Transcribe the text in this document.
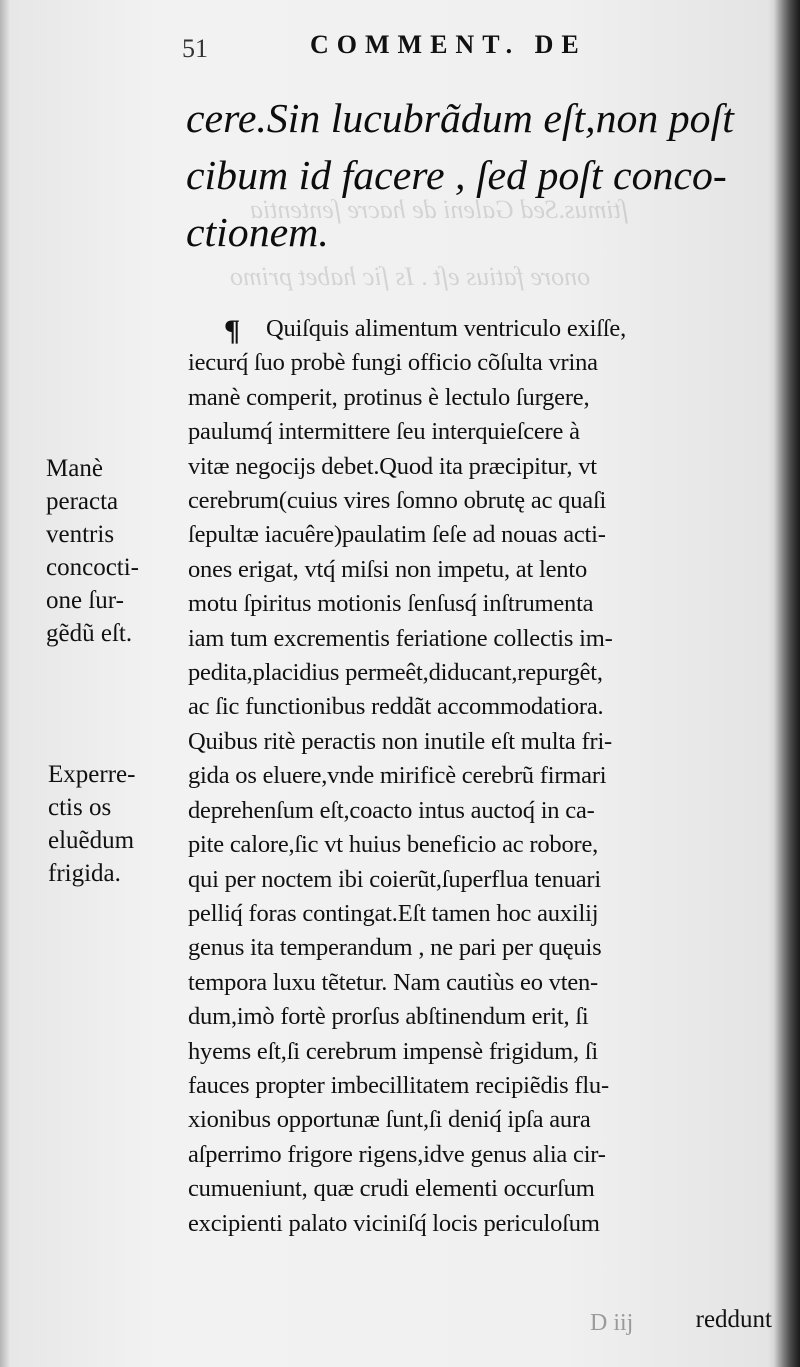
ſtimus.Sed Galeni de hacre ſententia
onore fatius eſt . Is ſic habet primo
51	COMMENT. DE
cere.Sin lucubrãdum eſt,non poſt
cibum id facere , ſed poſt conco-
ctionem.
¶	Quiſquis alimentum ventriculo exiſſe,
iecurq́ ſuo probè fungi officio cõſulta vrina
manè comperit, protinus è lectulo ſurgere,
paulumq́ intermittere ſeu interquieſcere à
vitæ negocijs debet.Quod ita præcipitur, vt
cerebrum(cuius vires ſomno obrutę ac quaſi
ſepultæ iacuêre)paulatim ſeſe ad nouas acti-
ones erigat, vtq́ miſsi non impetu, at lento
motu ſpiritus motionis ſenſusq́ inſtrumenta
iam tum excrementis feriatione collectis im-
pedita,placidius permeêt,diducant,repurgêt,
ac ſic functionibus reddãt accommodatiora.
Quibus ritè peractis non inutile eſt multa fri-
gida os eluere,vnde mirificè cerebrũ firmari
deprehenſum eſt,coacto intus auctoq́ in ca-
pite calore,ſic vt huius beneficio ac robore,
qui per noctem ibi coierũt,ſuperflua tenuari
pelliq́ foras contingat.Eſt tamen hoc auxilij
genus ita temperandum , ne pari per quęuis
tempora luxu tẽtetur. Nam cautiùs eo vten-
dum,imò fortè prorſus abſtinendum erit, ſi
hyems eſt,ſi cerebrum impensè frigidum, ſi
fauces propter imbecillitatem recipiẽdis flu-
xionibus opportunæ ſunt,ſi deniq́ ipſa aura
aſperrimo frigore rigens,idve genus alia cir-
cumueniunt, quæ crudi elementi occurſum
excipienti palato viciniſq́ locis periculoſum
Manè
peracta
ventris
concocti-
one ſur-
gẽdũ eſt.
Experre-
ctis os
eluẽdum
frigida.
D iij reddunt
